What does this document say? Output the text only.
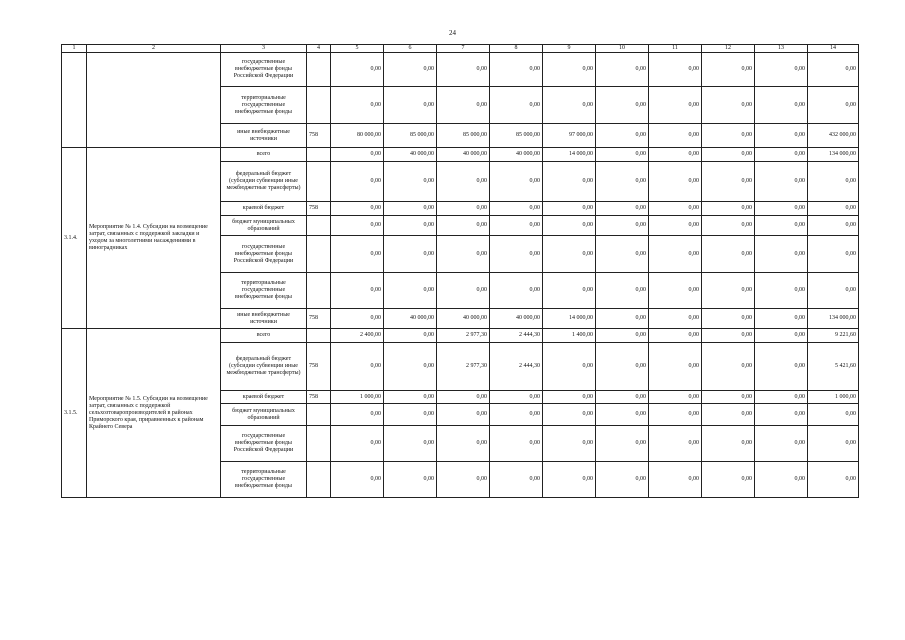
24
1	2	3	4	5	6	7	8	9	10	11	12	13	14
		государственные внебюджетные фонды Российской Федерации		0,00	0,00	0,00	0,00	0,00	0,00	0,00	0,00	0,00	0,00
		территориальные государственные внебюджетные фонды		0,00	0,00	0,00	0,00	0,00	0,00	0,00	0,00	0,00	0,00
		иные внебюджетные источники	758	80 000,00	85 000,00	85 000,00	85 000,00	97 000,00	0,00	0,00	0,00	0,00	432 000,00
3.1.4.	Мероприятие № 1.4. Субсидии на возмещение затрат, связанных с поддержкой закладки и уходом за многолетними насаждениями в виноградниках	всего		0,00	40 000,00	40 000,00	40 000,00	14 000,00	0,00	0,00	0,00	0,00	134 000,00
		федеральный бюджет (субсидии субвенции иные межбюджетные трансферты)		0,00	0,00	0,00	0,00	0,00	0,00	0,00	0,00	0,00	0,00
		краевой бюджет	758	0,00	0,00	0,00	0,00	0,00	0,00	0,00	0,00	0,00	0,00
		бюджет муниципальных образований		0,00	0,00	0,00	0,00	0,00	0,00	0,00	0,00	0,00	0,00
		государственные внебюджетные фонды Российской Федерации		0,00	0,00	0,00	0,00	0,00	0,00	0,00	0,00	0,00	0,00
		территориальные государственные внебюджетные фонды		0,00	0,00	0,00	0,00	0,00	0,00	0,00	0,00	0,00	0,00
		иные внебюджетные источники	758	0,00	40 000,00	40 000,00	40 000,00	14 000,00	0,00	0,00	0,00	0,00	134 000,00
3.1.5.	Мероприятие № 1.5. Субсидии на возмещение затрат, связанных с поддержкой сельхозтоваропроизводителей в районах Приморского края, приравненных к районам Крайнего Севера	всего		2 400,00	0,00	2 977,30	2 444,30	1 400,00	0,00	0,00	0,00	0,00	9 221,60
		федеральный бюджет (субсидии субвенции иные межбюджетные трансферты)	758	0,00	0,00	2 977,30	2 444,30	0,00	0,00	0,00	0,00	0,00	5 421,60
		краевой бюджет	758	1 000,00	0,00	0,00	0,00	0,00	0,00	0,00	0,00	0,00	1 000,00
		бюджет муниципальных образований		0,00	0,00	0,00	0,00	0,00	0,00	0,00	0,00	0,00	0,00
		государственные внебюджетные фонды Российской Федерации		0,00	0,00	0,00	0,00	0,00	0,00	0,00	0,00	0,00	0,00
		территориальные государственные внебюджетные фонды		0,00	0,00	0,00	0,00	0,00	0,00	0,00	0,00	0,00	0,00
